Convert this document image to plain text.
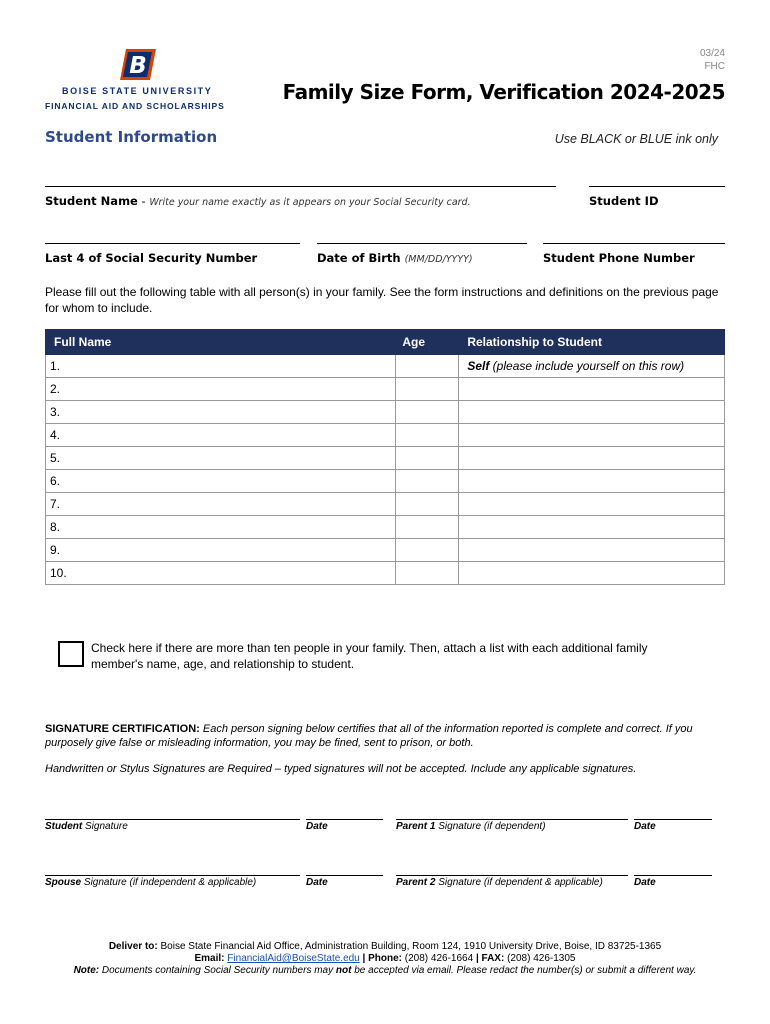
03/24
FHC
B
BOISE STATE UNIVERSITY
FINANCIAL AID AND SCHOLARSHIPS
Family Size Form, Verification 2024-2025
Student Information	Use BLACK or BLUE ink only
Student Name - Write your name exactly as it appears on your Social Security card.	Student ID
Last 4 of Social Security Number	Date of Birth (MM/DD/YYYY)	Student Phone Number
Please fill out the following table with all person(s) in your family. See the form instructions and definitions on the previous page for whom to include.
Full Name	Age	Relationship to Student
1.		Self (please include yourself on this row)
2.		
3.		
4.		
5.		
6.		
7.		
8.		
9.		
10.		
Check here if there are more than ten people in your family. Then, attach a list with each additional family member's name, age, and relationship to student.
SIGNATURE CERTIFICATION: Each person signing below certifies that all of the information reported is complete and correct. If you purposely give false or misleading information, you may be fined, sent to prison, or both.
Handwritten or Stylus Signatures are Required – typed signatures will not be accepted. Include any applicable signatures.
Student Signature	Date	Parent 1 Signature (if dependent)	Date
Spouse Signature (if independent & applicable)	Date	Parent 2 Signature (if dependent & applicable)	Date
Deliver to: Boise State Financial Aid Office, Administration Building, Room 124, 1910 University Drive, Boise, ID 83725-1365
Email: FinancialAid@BoiseState.edu | Phone: (208) 426-1664 | FAX: (208) 426-1305
Note: Documents containing Social Security numbers may not be accepted via email. Please redact the number(s) or submit a different way.
